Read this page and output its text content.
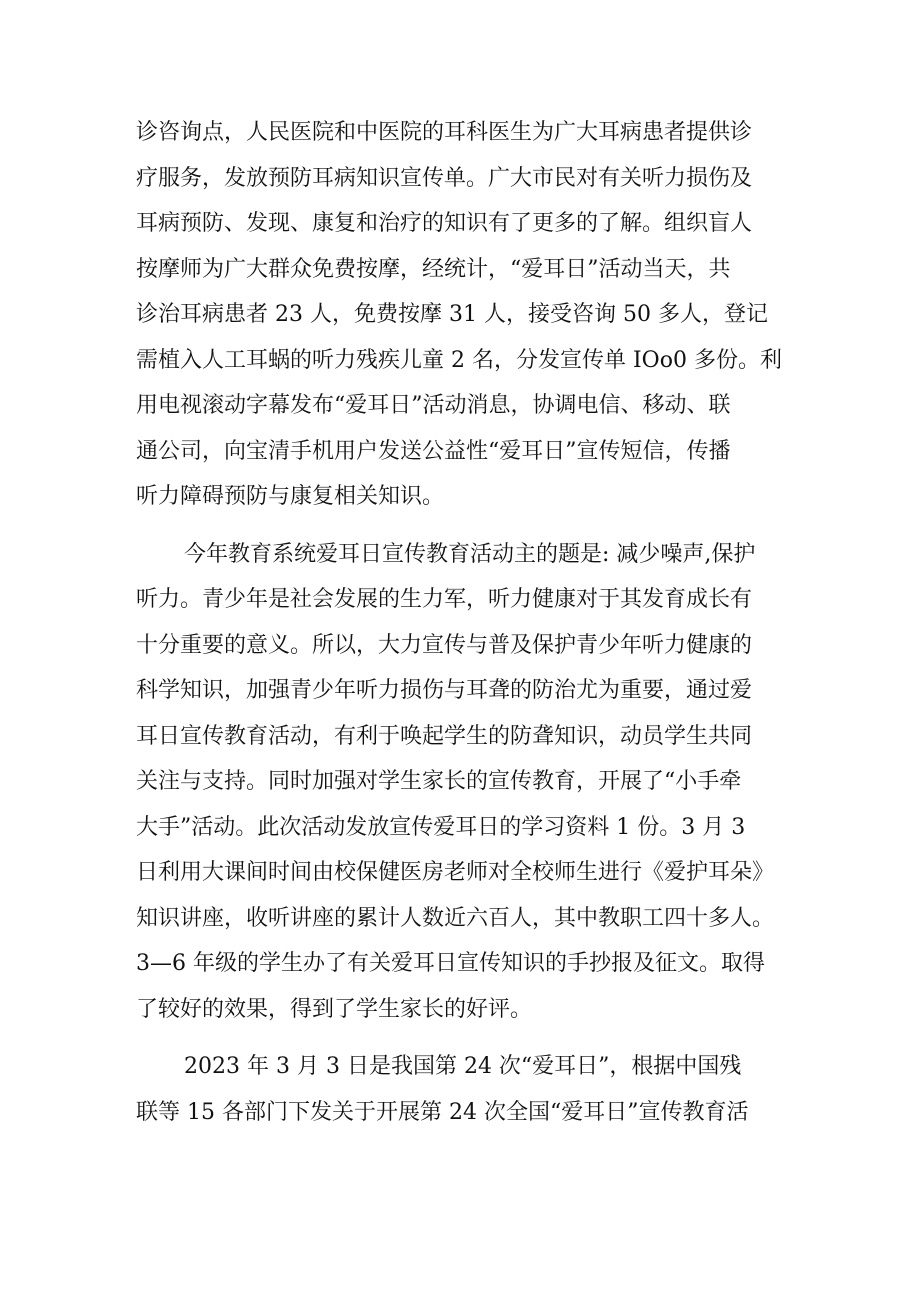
诊咨询点，人民医院和中医院的耳科医生为广大耳病患者提供诊
疗服务，发放预防耳病知识宣传单。广大市民对有关听力损伤及
耳病预防、发现、康复和治疗的知识有了更多的了解。组织盲人
按摩师为广大群众免费按摩，经统计，“爱耳日”活动当天，共
诊治耳病患者 23 人，免费按摩 31 人，接受咨询 50 多人，登记
需植入人工耳蜗的听力残疾儿童 2 名，分发宣传单 IOo0 多份。利
用电视滚动字幕发布“爱耳日”活动消息，协调电信、移动、联
通公司，向宝清手机用户发送公益性“爱耳日”宣传短信，传播
听力障碍预防与康复相关知识。

今年教育系统爱耳日宣传教育活动主的题是: 减少噪声,保护
听力。青少年是社会发展的生力军，听力健康对于其发育成长有
十分重要的意义。所以，大力宣传与普及保护青少年听力健康的
科学知识，加强青少年听力损伤与耳聋的防治尤为重要，通过爱
耳日宣传教育活动，有利于唤起学生的防聋知识，动员学生共同
关注与支持。同时加强对学生家长的宣传教育，开展了“小手牵
大手”活动。此次活动发放宣传爱耳日的学习资料 1 份。3 月 3
日利用大课间时间由校保健医房老师对全校师生进行《爱护耳朵》
知识讲座，收听讲座的累计人数近六百人，其中教职工四十多人。
3—6 年级的学生办了有关爱耳日宣传知识的手抄报及征文。取得
了较好的效果，得到了学生家长的好评。

2023 年 3 月 3 日是我国第 24 次“爱耳日”，根据中国残
联等 15 各部门下发关于开展第 24 次全国“爱耳日”宣传教育活
